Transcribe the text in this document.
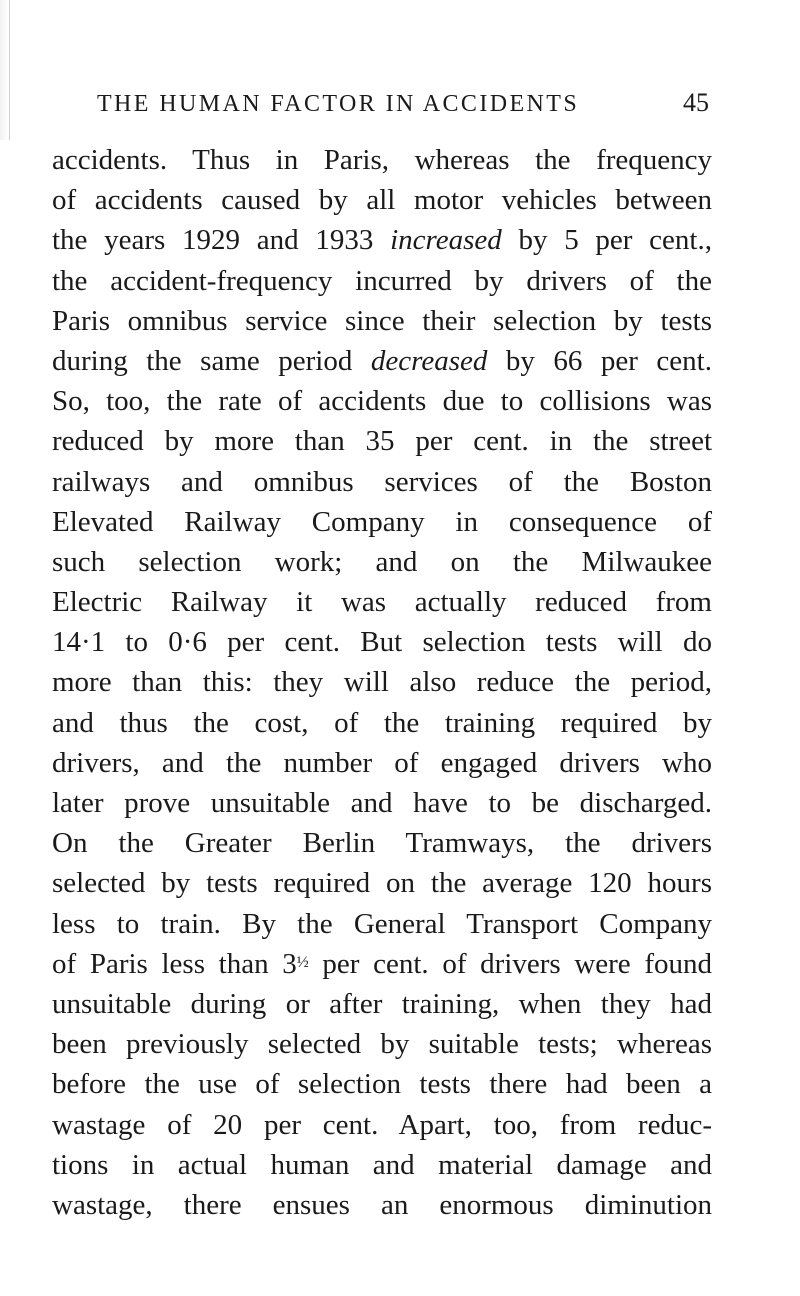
THE HUMAN FACTOR IN ACCIDENTS	45
accidents. Thus in Paris, whereas the frequency
of accidents caused by all motor vehicles between
the years 1929 and 1933 increased by 5 per cent.,
the accident-frequency incurred by drivers of the
Paris omnibus service since their selection by tests
during the same period decreased by 66 per cent.
So, too, the rate of accidents due to collisions was
reduced by more than 35 per cent. in the street
railways and omnibus services of the Boston
Elevated Railway Company in consequence of
such selection work; and on the Milwaukee
Electric Railway it was actually reduced from
14·1 to 0·6 per cent. But selection tests will do
more than this: they will also reduce the period,
and thus the cost, of the training required by
drivers, and the number of engaged drivers who
later prove unsuitable and have to be discharged.
On the Greater Berlin Tramways, the drivers
selected by tests required on the average 120 hours
less to train. By the General Transport Company
of Paris less than 3½ per cent. of drivers were found
unsuitable during or after training, when they had
been previously selected by suitable tests; whereas
before the use of selection tests there had been a
wastage of 20 per cent. Apart, too, from reduc-
tions in actual human and material damage and
wastage, there ensues an enormous diminution
